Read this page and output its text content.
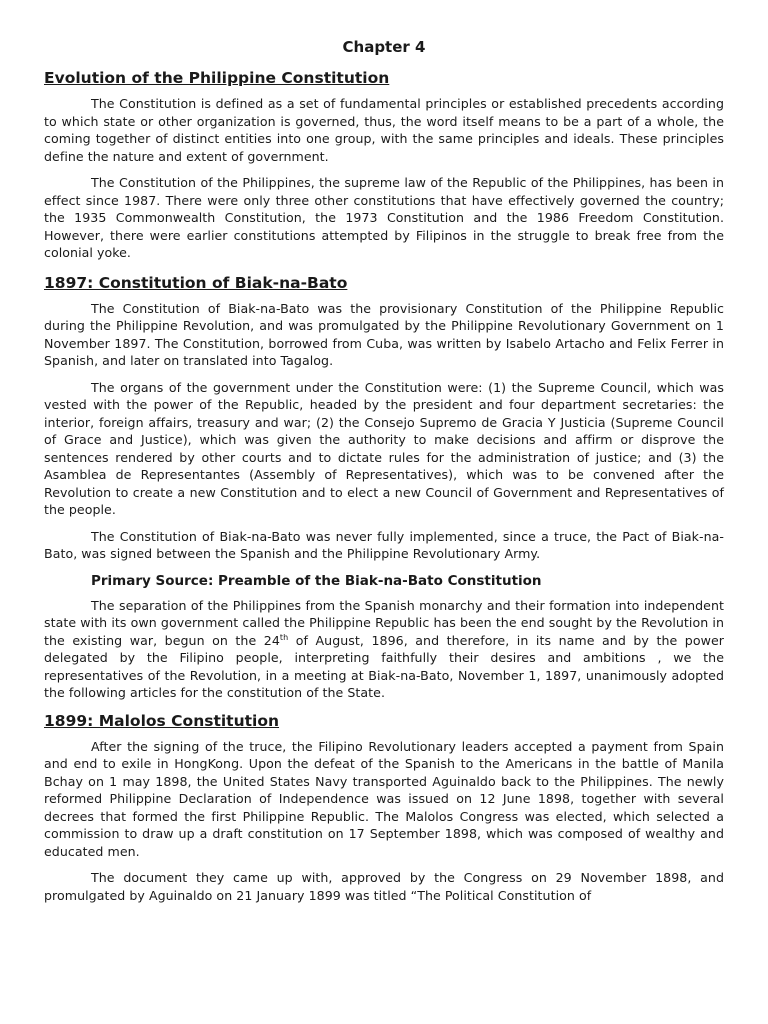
Chapter 4
Evolution of the Philippine Constitution

The Constitution is defined as a set of fundamental principles or established precedents according to which state or other organization is governed, thus, the word itself means to be a part of a whole, the coming together of distinct entities into one group, with the same principles and ideals. These principles define the nature and extent of government.

The Constitution of the Philippines, the supreme law of the Republic of the Philippines, has been in effect since 1987. There were only three other constitutions that have effectively governed the country; the 1935 Commonwealth Constitution, the 1973 Constitution and the 1986 Freedom Constitution. However, there were earlier constitutions attempted by Filipinos in the struggle to break free from the colonial yoke.

1897: Constitution of Biak-na-Bato

The Constitution of Biak-na-Bato was the provisionary Constitution of the Philippine Republic during the Philippine Revolution, and was promulgated by the Philippine Revolutionary Government on 1 November 1897. The Constitution, borrowed from Cuba, was written by Isabelo Artacho and Felix Ferrer in Spanish, and later on translated into Tagalog.

The organs of the government under the Constitution were: (1) the Supreme Council, which was vested with the power of the Republic, headed by the president and four department secretaries: the interior, foreign affairs, treasury and war; (2) the Consejo Supremo de Gracia Y Justicia (Supreme Council of Grace and Justice), which was given the authority to make decisions and affirm or disprove the sentences rendered by other courts and to dictate rules for the administration of justice; and (3) the Asamblea de Representantes (Assembly of Representatives), which was to be convened after the Revolution to create a new Constitution and to elect a new Council of Government and Representatives of the people.

The Constitution of Biak-na-Bato was never fully implemented, since a truce, the Pact of Biak-na-Bato, was signed between the Spanish and the Philippine Revolutionary Army.

Primary Source: Preamble of the Biak-na-Bato Constitution

The separation of the Philippines from the Spanish monarchy and their formation into independent state with its own government called the Philippine Republic has been the end sought by the Revolution in the existing war, begun on the 24th of August, 1896, and therefore, in its name and by the power delegated by the Filipino people, interpreting faithfully their desires and ambitions , we the representatives of the Revolution, in a meeting at Biak-na-Bato, November 1, 1897, unanimously adopted the following articles for the constitution of the State.

1899: Malolos Constitution

After the signing of the truce, the Filipino Revolutionary leaders accepted a payment from Spain and end to exile in HongKong. Upon the defeat of the Spanish to the Americans in the battle of Manila Bchay on 1 may 1898, the United States Navy transported Aguinaldo back to the Philippines. The newly reformed Philippine Declaration of Independence was issued on 12 June 1898, together with several decrees that formed the first Philippine Republic. The Malolos Congress was elected, which selected a commission to draw up a draft constitution on 17 September 1898, which was composed of wealthy and educated men.

The document they came up with, approved by the Congress on 29 November 1898, and promulgated by Aguinaldo on 21 January 1899 was titled “The Political Constitution of
